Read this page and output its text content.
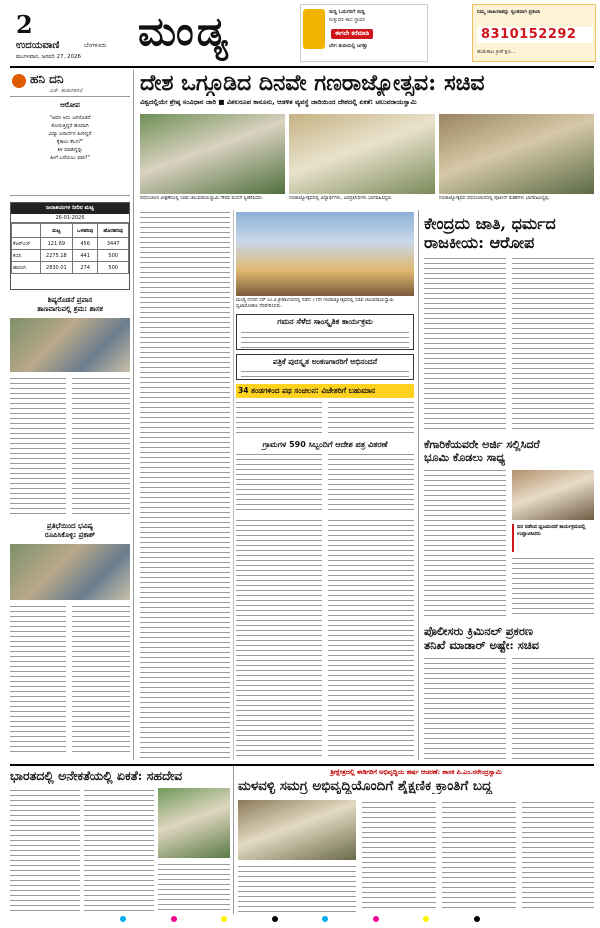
2
ಉದಯವಾಣಿ	ಬೆಂಗಳೂರು
ಮಂಗಳವಾರ, ಜನವರಿ 27, 2026
ಮಂಡ್ಯ	ಸುದ್ದಿ ಓದುಗರಿಗೆ ಸುದ್ದಿ
ಸುತ್ತುವರಿ ಕಾದ ಸ್ಥಾವರ
ಈಗಲೇ ಕರೆಮಾಡಿ
ಬೇಗ ತುದಿಯಲ್ಲಿ ಜಗತ್ತು
ನಿಮ್ಮ ಜಾಹೀರಾತನ್ನು ಸ್ವಂತವಾಗಿ ಪ್ರಕಟಿಸಿ
8310152292
ಹುಡುಕಾಟ ಕ್ರೀಡೆ ಕ್ಷಣ...
ಹನಿ ದನಿ
ವಿಜ್. ಹುಡುಗಿರಿಗಲೆ
ಆರೋಪ
"ಅವರ ಅದು ಜನರೊಡನೆ
ಕೋರುತ್ತಿದ್ದರೆ ಹಣವಾಗಿ
ವಿದ್ಯಾ ಜನಾರ್ದನ ಹೀರಿದ್ದರೆ
ಕೈಕಾಲು ಕೆಲಸ?"
ತಿಳಿ ಮಾಡಿದ್ದನ್ನು
ಹೀಗೆ ಬರೆಯಲು ಪಾಠ?"
ಜಲಾಶಯಗಳ ನೀರಿನ ಮಟ್ಟ
26-01-2026
	ಮಟ್ಟ	ಒಳಹರಿವು	ಹೊರಹರಿವು
ಕೆಆರ್‌ಎಸ್	121.69	456	3447
ಕಬಿನಿ	2275.18	441	500
ಹಾರಂಗಿ	2830.01	274	500
ಶಿಷ್ಯರೊಡನೆ ಪ್ರವಾಸ
ತಾಣವಾಗುವಲ್ಲಿ ಶ್ರಮ: ಶಾಸಕ
ಪ್ರತಿಭೆಯಿಂದ ಭವಿಷ್ಯ
ರೂಪಿಸಿಕೊಳ್ಳಿ: ಪ್ರಕಾಶ್
ದೇಶ ಒಗ್ಗೂಡಿದ ದಿನವೇ ಗಣರಾಜ್ಯೋತ್ಸವ: ಸಚಿವ
ವಿಶ್ವದಲ್ಲಿಯೇ ಶ್ರೇಷ್ಠ ಸಂವಿಧಾನ ಜಾರಿ ■ ವಿಶಲರೂಪ ಕಾನೂನು, ಆಡಳಿತ ವ್ಯವಸ್ಥೆ ಜಾರಿಯಿಂದ ದೇಶದಲ್ಲಿ ಏಕತೆ: ಚಲುವರಾಯಸ್ವಾಮಿ
ಪಥಸಂಚಲನ ವೀಕ್ಷಣೆಯಲ್ಲಿ ಸಚಿವ ಚಲುವರಾಯಸ್ವಾಮಿ ಗೌರವ ವಂದನೆ ಸ್ವೀಕರಿಸಿದರು.	ಗಣರಾಜ್ಯೋತ್ಸವದಲ್ಲಿ ವಿದ್ಯಾರ್ಥಿಗಳು, ಜನಪ್ರತಿನಿಧಿಗಳು ಭಾಗವಹಿಸಿದ್ದರು.	ಗಣರಾಜ್ಯೋತ್ಸವದ ಪಥಸಂಚಲನದಲ್ಲಿ ಪೊಲೀಸ್ ತುಕಡಿಗಳು ಭಾಗವಹಿಸಿದ್ದವು.
ಮಂಡ್ಯ ನಗರದ ಸರ್ ಎಂ.ವಿ.ಕ್ರೀಡಾಂಗಣದಲ್ಲಿ ನಡೆದ 77ನೇ ಗಣರಾಜ್ಯೋತ್ಸವದಲ್ಲಿ ಸಚಿವ ಚಲುವರಾಯಸ್ವಾಮಿ ಧ್ವಜಾರೋಹಣ ನೆರವೇರಿಸಿದರು.
ಗಮನ ಸೆಳೆದ ಸಾಂಸ್ಕೃತಿಕ ಕಾರ್ಯಕ್ರಮ
ಪತ್ರಿಕೆ ಪುರಸ್ಕೃತ ಅಂಕಣಗಾರರಿಗೆ ಅಭಿನಂದನೆ
34 ತಂಡಗಳಿಂದ ಪಥ ಸಂಚಲನ: ವಿಜೇತರಿಗೆ ಬಹುಮಾನ
ಗ್ರಾಮಗಳ 590 ಸಿಬ್ಬಂದಿಗೆ ಆದೇಶ ಪತ್ರ ವಿತರಣೆ
ಕೇಂದ್ರದು ಜಾತಿ, ಧರ್ಮದ
ರಾಜಕೀಯ: ಆರೋಪ
ಕೆಗಾರಿಕೆಯವರೇ ಅರ್ಜಿ ಸಲ್ಲಿಸಿದರೆ
ಭೂಮಿ ಕೊಡಲು ಸಾಧ್ಯ
ದಿನ ನಡೆಸಿದ ಧ್ವಜವಂದನೆ ಕಾರ್ಯಕ್ರಮದಲ್ಲಿ ಉದ್ಘಾಟಿಸಿದರು
ಪೊಲೀಸರು ಕ್ರಿಮಿನಲ್ ಪ್ರಕರಣ
ತನಿಖೆ ಮಾಡಾರ್ ಅಷ್ಟೇ: ಸಚಿವ
ಭಾರತದಲ್ಲಿ ಅನೇಕತೆಯಲ್ಲಿ ಏಕತೆ: ಸಹದೇವ	ಶ್ರೀಕ್ಷೇತ್ರದಲ್ಲಿ ಈಡಿಗರಿಗೆ ಅಭಿವೃದ್ಧಿಯ ಹರ್ಷ ಆಚರಣೆ: ಶಾಸಕ ಪಿ.ಎಂ.ನರೇಂದ್ರಸ್ವಾಮಿ
ಮಳವಳ್ಳಿ ಸಮಗ್ರ ಅಭಿವೃದ್ಧಿಯೊಂದಿಗೆ ಶೈಕ್ಷಣಿಕ ಕ್ರಾಂತಿಗೆ ಬದ್ಧ
